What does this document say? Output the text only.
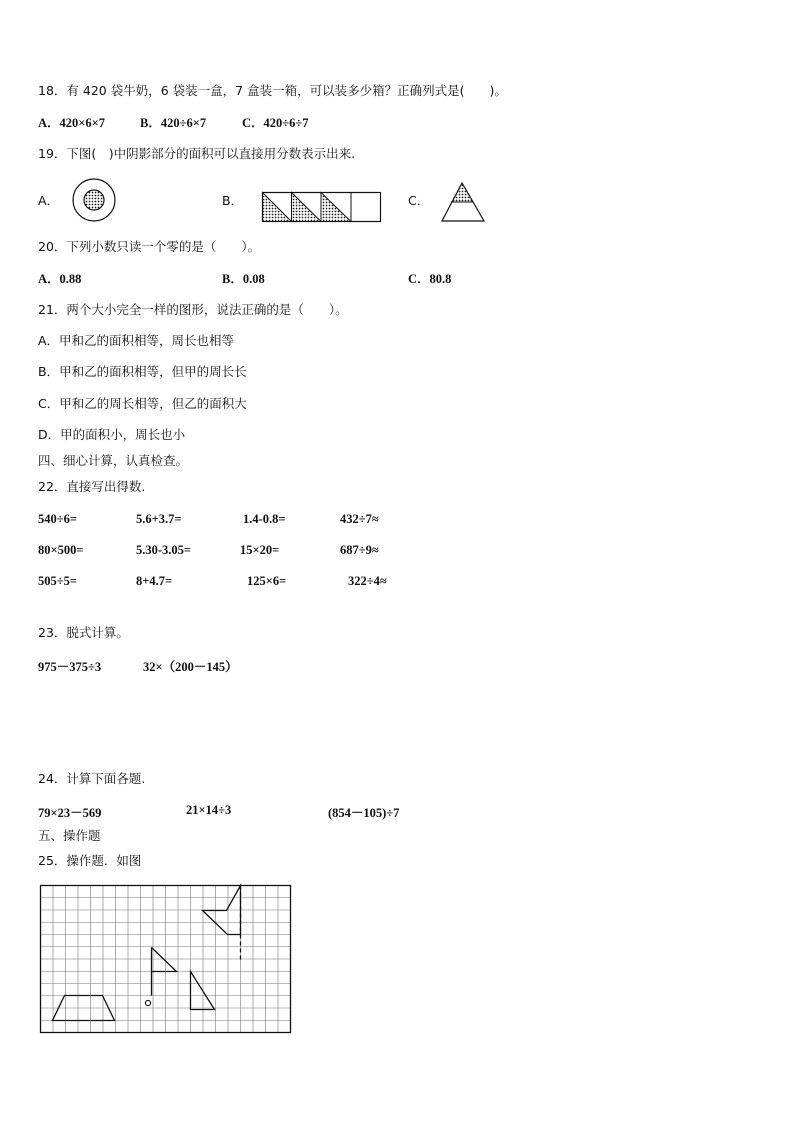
18．有 420 袋牛奶，6 袋装一盒，7 盒装一箱，可以装多少箱？正确列式是(　　)。
A．420×6×7	B．420÷6×7	C．420÷6÷7
19．下图(　)中阴影部分的面积可以直接用分数表示出来.
A．	B．	C．
20．下列小数只读一个零的是（　　）。
A．0.88	B．0.08	C．80.8
21．两个大小完全一样的图形，说法正确的是（　　）。
A．甲和乙的面积相等，周长也相等
B．甲和乙的面积相等，但甲的周长长
C．甲和乙的周长相等，但乙的面积大
D．甲的面积小，周长也小
四、细心计算，认真检查。
22．直接写出得数.
540÷6=	5.6+3.7=	1.4-0.8=	432÷7≈
80×500=	5.30-3.05=	15×20=	687÷9≈
505÷5=	8+4.7=	125×6=	322÷4≈
23．脱式计算。
975－375÷3	32×（200－145）
24．计算下面各题.
79×23－569	21×14÷3	(854－105)÷7
五、操作题
25．操作题．如图
